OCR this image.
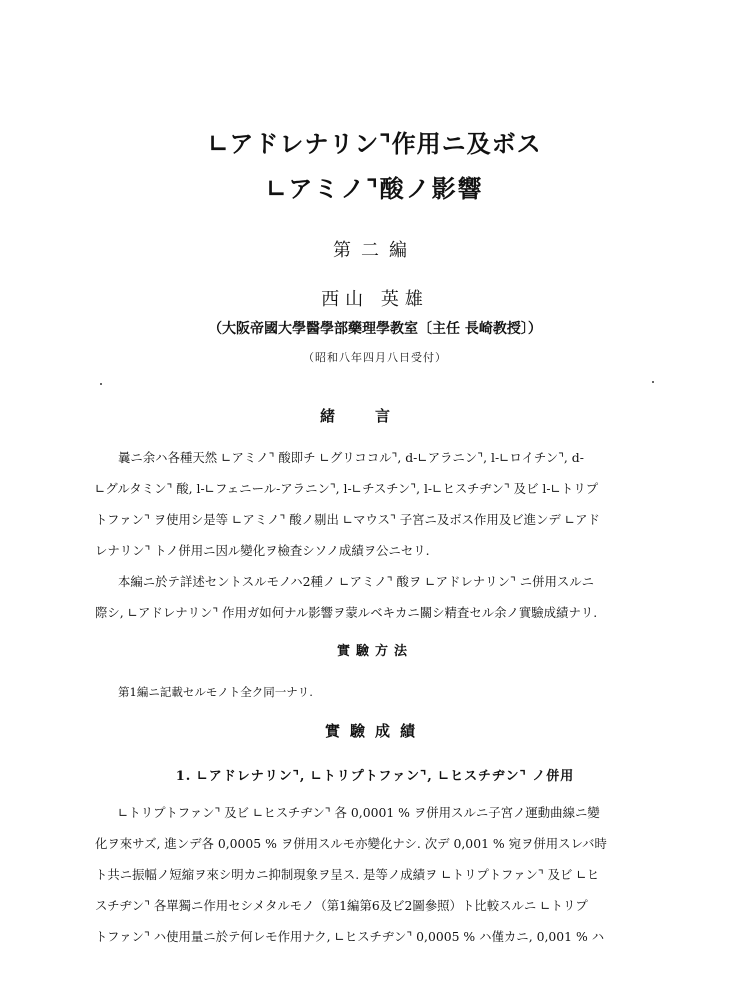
∟アドレナリン⌝作用ニ及ボス
∟アミノ⌝酸ノ影響
第二編
西山 英雄
（大阪帝國大學醫學部藥理學教室〔主任 長崎教授〕）
（昭和八年四月八日受付）
緒言
曩ニ余ハ各種天然 ∟アミノ⌝ 酸即チ ∟グリココル⌝, d-∟アラニン⌝, l-∟ロイチン⌝, d-
∟グルタミン⌝ 酸, l-∟フェニール-アラニン⌝, l-∟チスチン⌝, l-∟ヒスチヂン⌝ 及ビ l-∟トリプ
トファン⌝ ヲ使用シ是等 ∟アミノ⌝ 酸ノ剔出 ∟マウス⌝ 子宮ニ及ボス作用及ビ進ンデ ∟アド
レナリン⌝ トノ併用ニ因ル變化ヲ檢査シソノ成績ヲ公ニセリ.
本編ニ於テ詳述セントスルモノハ2種ノ ∟アミノ⌝ 酸ヲ ∟アドレナリン⌝ ニ併用スルニ
際シ, ∟アドレナリン⌝ 作用ガ如何ナル影響ヲ蒙ルベキカニ關シ精査セル余ノ實驗成績ナリ.
實驗方法
第1編ニ記載セルモノト全ク同一ナリ.
實驗成績
1. ∟アドレナリン⌝, ∟トリプトファン⌝, ∟ヒスチヂン⌝ ノ併用
∟トリプトファン⌝ 及ビ ∟ヒスチヂン⌝ 各 0,0001 % ヲ併用スルニ子宮ノ運動曲線ニ變
化ヲ來サズ, 進ンデ各 0,0005 % ヲ併用スルモ亦變化ナシ. 次デ 0,001 % 宛ヲ併用スレバ時
ト共ニ振幅ノ短縮ヲ來シ明カニ抑制現象ヲ呈ス. 是等ノ成績ヲ ∟トリプトファン⌝ 及ビ ∟ヒ
スチヂン⌝ 各單獨ニ作用セシメタルモノ（第1編第6及ビ2圖參照）ト比較スルニ ∟トリプ
トファン⌝ ハ使用量ニ於テ何レモ作用ナク, ∟ヒスチヂン⌝ 0,0005 % ハ僅カニ, 0,001 % ハ
